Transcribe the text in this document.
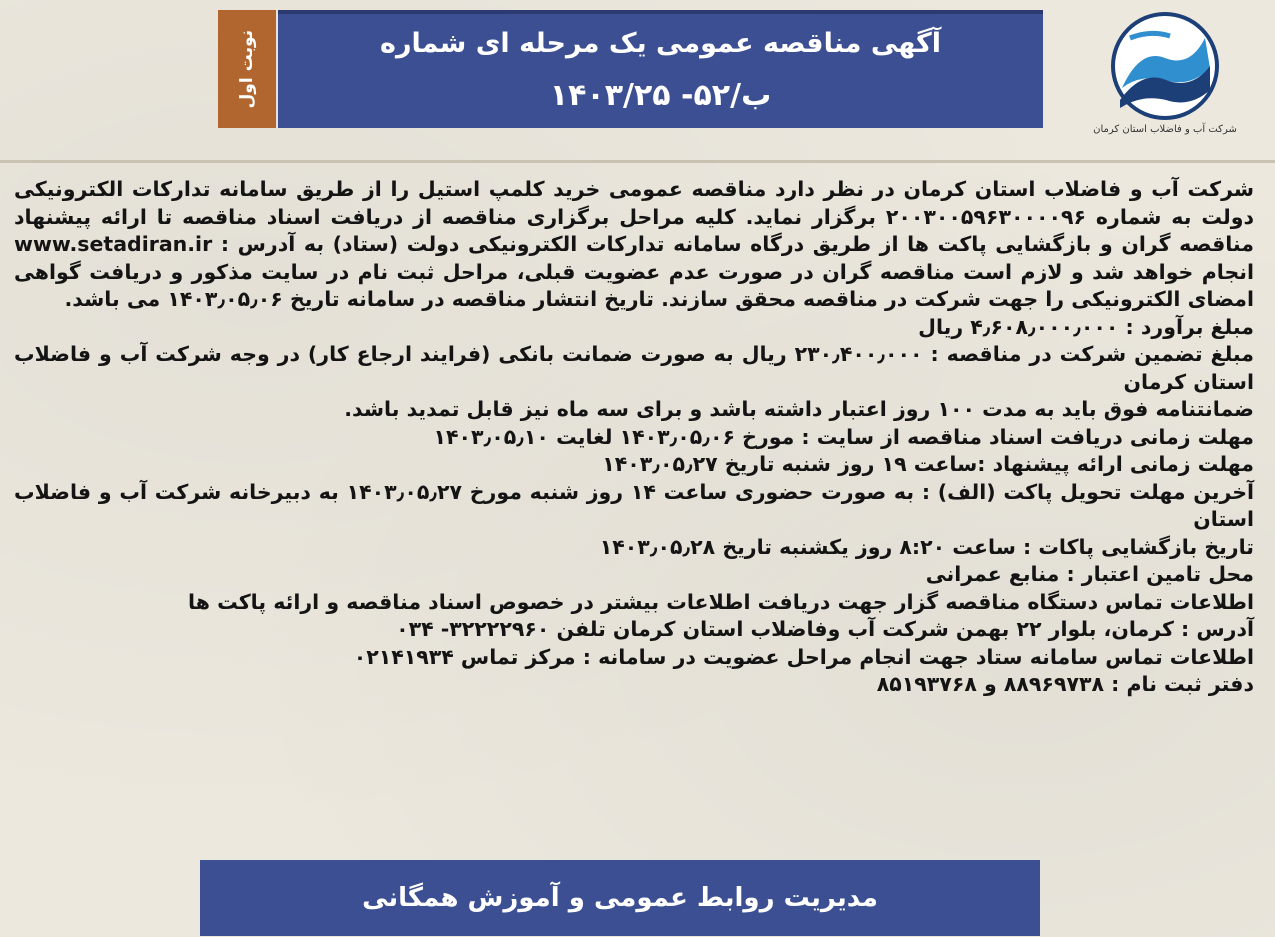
نوبت اول	آگهی مناقصه عمومی یک مرحله ای شماره
ب/۵۲- ۱۴۰۳/۲۵
شرکت آب و فاضلاب استان کرمان

شرکت آب و فاضلاب استان کرمان در نظر دارد مناقصه عمومی خرید کلمپ استیل را از طریق سامانه تدارکات الکترونیکی دولت به شماره ۲۰۰۳۰۰۵۹۶۳۰۰۰۰۹۶ برگزار نماید. کلیه مراحل برگزاری مناقصه از دریافت اسناد مناقصه تا ارائه پیشنهاد مناقصه گران و بازگشایی پاکت ها از طریق درگاه سامانه تدارکات الکترونیکی دولت (ستاد) به آدرس : www.setadiran.ir انجام خواهد شد و لازم است مناقصه گران در صورت عدم عضویت قبلی، مراحل ثبت نام در سایت مذکور و دریافت گواهی امضای الکترونیکی را جهت شرکت در مناقصه محقق سازند. تاریخ انتشار مناقصه در سامانه تاریخ ۱۴۰۳٫۰۵٫۰۶ می باشد.

مبلغ برآورد : ۴٫۶۰۸٫۰۰۰٫۰۰۰ ریال

مبلغ تضمین شرکت در مناقصه : ۲۳۰٫۴۰۰٫۰۰۰ ریال به صورت ضمانت بانکی (فرایند ارجاع کار) در وجه شرکت آب و فاضلاب استان کرمان

ضمانتنامه فوق باید به مدت ۱۰۰ روز اعتبار داشته باشد و برای سه ماه نیز قابل تمدید باشد.

مهلت زمانی دریافت اسناد مناقصه از سایت : مورخ ۱۴۰۳٫۰۵٫۰۶ لغایت ۱۴۰۳٫۰۵٫۱۰

مهلت زمانی ارائه پیشنهاد :ساعت ۱۹ روز شنبه تاریخ ۱۴۰۳٫۰۵٫۲۷

آخرین مهلت تحویل پاکت (الف) : به صورت حضوری ساعت ۱۴ روز شنبه مورخ ۱۴۰۳٫۰۵٫۲۷ به دبیرخانه شرکت آب و فاضلاب استان

تاریخ بازگشایی پاکات : ساعت ۸:۲۰ روز یکشنبه تاریخ ۱۴۰۳٫۰۵٫۲۸

محل تامین اعتبار : منابع عمرانی

اطلاعات تماس دستگاه مناقصه گزار جهت دریافت اطلاعات بیشتر در خصوص اسناد مناقصه و ارائه پاکت ها

آدرس : کرمان، بلوار ۲۲ بهمن شرکت آب وفاضلاب استان کرمان تلفن ۳۲۲۲۲۹۶۰- ۰۳۴

اطلاعات تماس سامانه ستاد جهت انجام مراحل عضویت در سامانه : مرکز تماس ۰۲۱۴۱۹۳۴

دفتر ثبت نام : ۸۸۹۶۹۷۳۸ و ۸۵۱۹۳۷۶۸

مدیریت روابط عمومی و آموزش همگانی
